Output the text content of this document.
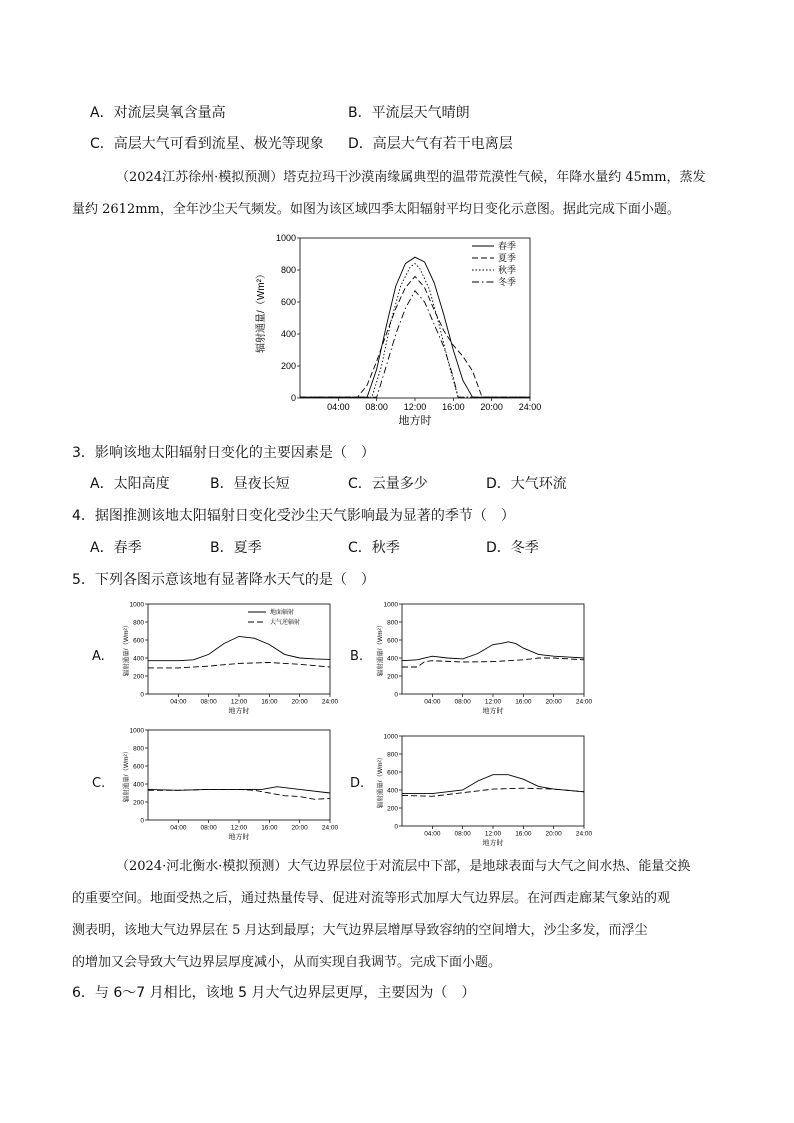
A．对流层臭氧含量高	B．平流层天气晴朗
C．高层大气可看到流星、极光等现象 D．高层大气有若干电离层
（2024江苏徐州·模拟预测）塔克拉玛干沙漠南缘属典型的温带荒漠性气候，年降水量约 45mm，蒸发
量约 2612mm，全年沙尘天气频发。如图为该区域四季太阳辐射平均日变化示意图。据此完成下面小题。
0
200
400
600
800
1000
04:00 08:00 12:00 16:00 20:00 24:00
春季
夏季
秋季
冬季
地方时
辐射通量/（Wm²）
3．影响该地太阳辐射日变化的主要因素是（　）
A．太阳高度	B．昼夜长短	C．云量多少	D．大气环流
4．据图推测该地太阳辐射日变化受沙尘天气影响最为显著的季节（　）
A．春季	B．夏季	C．秋季	D．冬季
5．下列各图示意该地有显著降水天气的是（　）
A.	B.
C.	D.
0
200
400
600
800
1000
04:00 08:00 12:00 16:00 20:00 24:00
地面辐射
大气逆辐射
地方时
辐射通量/（Wm²）
0
200
400
600
800
1000
04:00 08:00 12:00 16:00 20:00 24:00
地方时
辐射通量/（Wm²）
0
200
400
600
800
1000
04:00 08:00 12:00 16:00 20:00 24:00
地方时
辐射通量/（Wm²）
0
200
400
600
800
1000
04:00 08:00 12:00 16:00 20:00 24:00
地方时
辐射通量/（Wm²）
（2024·河北衡水·模拟预测）大气边界层位于对流层中下部，是地球表面与大气之间水热、能量交换
的重要空间。地面受热之后，通过热量传导、促进对流等形式加厚大气边界层。在河西走廊某气象站的观
测表明，该地大气边界层在 5 月达到最厚；大气边界层增厚导致容纳的空间增大，沙尘多发，而浮尘
的增加又会导致大气边界层厚度减小，从而实现自我调节。完成下面小题。
6．与 6～7 月相比，该地 5 月大气边界层更厚，主要因为（　）
